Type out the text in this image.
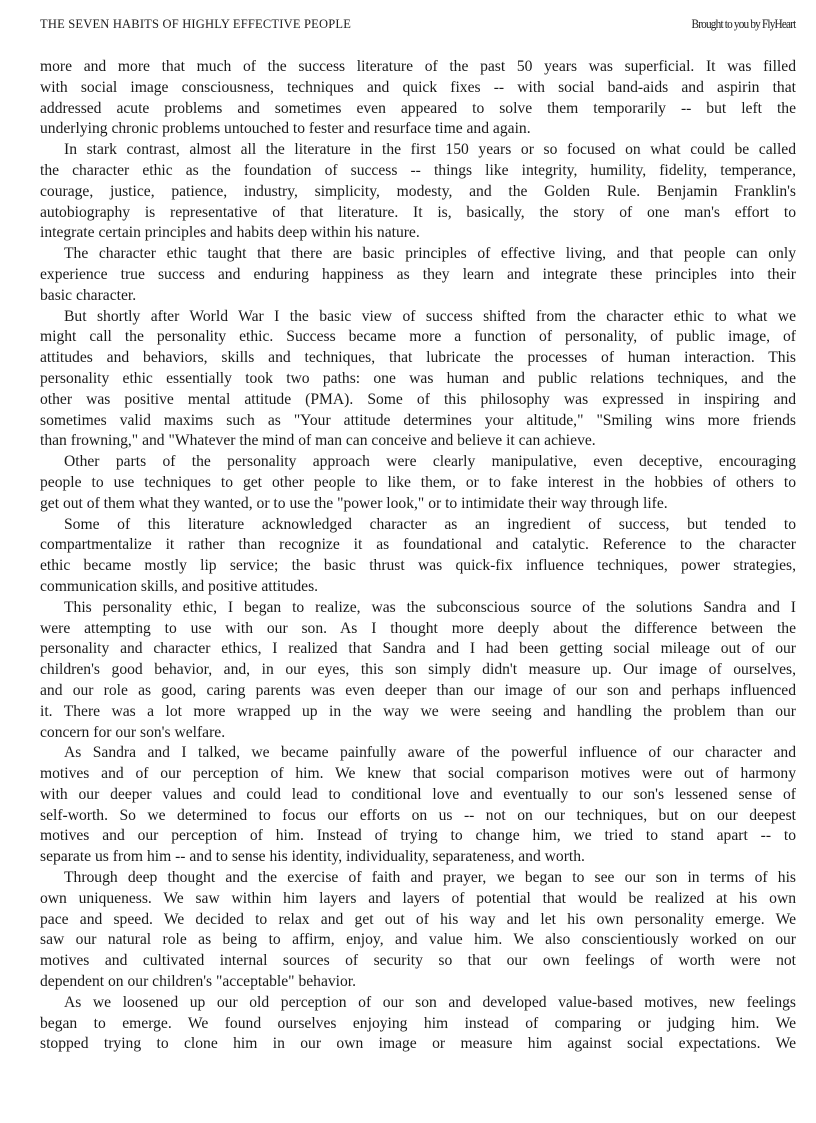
THE SEVEN HABITS OF HIGHLY EFFECTIVE PEOPLE	Brought to you by FlyHeart
more and more that much of the success literature of the past 50 years was superficial. It was filled
with social image consciousness, techniques and quick fixes -- with social band-aids and aspirin that
addressed acute problems and sometimes even appeared to solve them temporarily -- but left the
underlying chronic problems untouched to fester and resurface time and again.
In stark contrast, almost all the literature in the first 150 years or so focused on what could be called
the character ethic as the foundation of success -- things like integrity, humility, fidelity, temperance,
courage, justice, patience, industry, simplicity, modesty, and the Golden Rule. Benjamin Franklin's
autobiography is representative of that literature. It is, basically, the story of one man's effort to
integrate certain principles and habits deep within his nature.
The character ethic taught that there are basic principles of effective living, and that people can only
experience true success and enduring happiness as they learn and integrate these principles into their
basic character.
But shortly after World War I the basic view of success shifted from the character ethic to what we
might call the personality ethic. Success became more a function of personality, of public image, of
attitudes and behaviors, skills and techniques, that lubricate the processes of human interaction. This
personality ethic essentially took two paths: one was human and public relations techniques, and the
other was positive mental attitude (PMA). Some of this philosophy was expressed in inspiring and
sometimes valid maxims such as "Your attitude determines your altitude," "Smiling wins more friends
than frowning," and "Whatever the mind of man can conceive and believe it can achieve.
Other parts of the personality approach were clearly manipulative, even deceptive, encouraging
people to use techniques to get other people to like them, or to fake interest in the hobbies of others to
get out of them what they wanted, or to use the "power look," or to intimidate their way through life.
Some of this literature acknowledged character as an ingredient of success, but tended to
compartmentalize it rather than recognize it as foundational and catalytic. Reference to the character
ethic became mostly lip service; the basic thrust was quick-fix influence techniques, power strategies,
communication skills, and positive attitudes.
This personality ethic, I began to realize, was the subconscious source of the solutions Sandra and I
were attempting to use with our son. As I thought more deeply about the difference between the
personality and character ethics, I realized that Sandra and I had been getting social mileage out of our
children's good behavior, and, in our eyes, this son simply didn't measure up. Our image of ourselves,
and our role as good, caring parents was even deeper than our image of our son and perhaps influenced
it. There was a lot more wrapped up in the way we were seeing and handling the problem than our
concern for our son's welfare.
As Sandra and I talked, we became painfully aware of the powerful influence of our character and
motives and of our perception of him. We knew that social comparison motives were out of harmony
with our deeper values and could lead to conditional love and eventually to our son's lessened sense of
self-worth. So we determined to focus our efforts on us -- not on our techniques, but on our deepest
motives and our perception of him. Instead of trying to change him, we tried to stand apart -- to
separate us from him -- and to sense his identity, individuality, separateness, and worth.
Through deep thought and the exercise of faith and prayer, we began to see our son in terms of his
own uniqueness. We saw within him layers and layers of potential that would be realized at his own
pace and speed. We decided to relax and get out of his way and let his own personality emerge. We
saw our natural role as being to affirm, enjoy, and value him. We also conscientiously worked on our
motives and cultivated internal sources of security so that our own feelings of worth were not
dependent on our children's "acceptable" behavior.
As we loosened up our old perception of our son and developed value-based motives, new feelings
began to emerge. We found ourselves enjoying him instead of comparing or judging him. We
stopped trying to clone him in our own image or measure him against social expectations. We
